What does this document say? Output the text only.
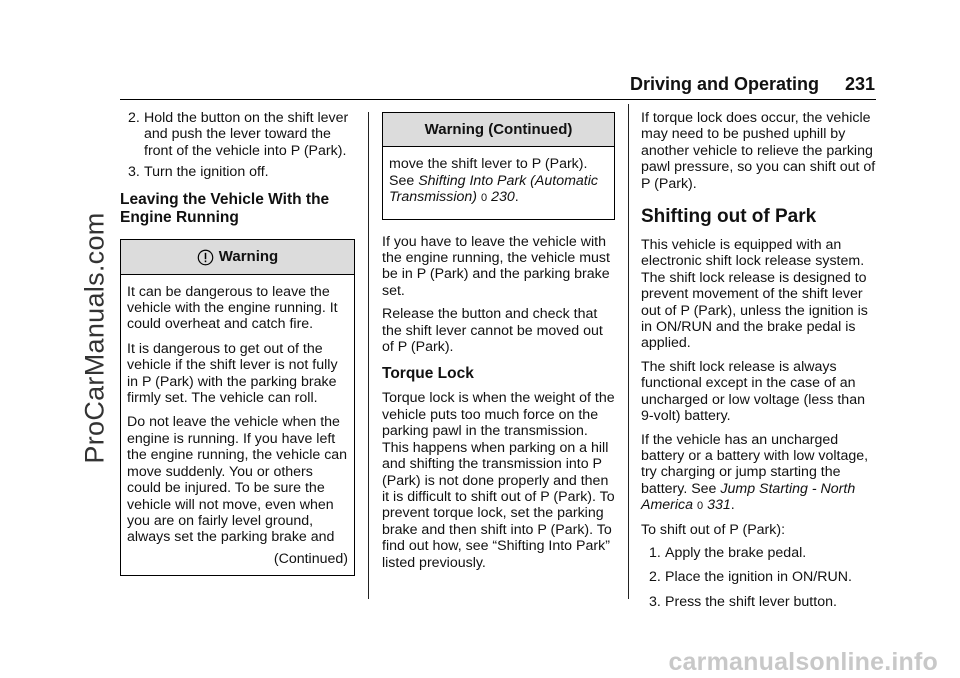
ProCarManuals.com
Driving and Operating 231
2. Hold the button on the shift lever and push the lever toward the front of the vehicle into P (Park).
3. Turn the ignition off.
Leaving the Vehicle With the Engine Running
Warning

It can be dangerous to leave the vehicle with the engine running. It could overheat and catch fire.

It is dangerous to get out of the vehicle if the shift lever is not fully in P (Park) with the parking brake firmly set. The vehicle can roll.

Do not leave the vehicle when the engine is running. If you have left the engine running, the vehicle can move suddenly. You or others could be injured. To be sure the vehicle will not move, even when you are on fairly level ground, always set the parking brake and

(Continued)
Warning (Continued)

move the shift lever to P (Park).
See Shifting Into Park (Automatic Transmission) 0 230.

If you have to leave the vehicle with the engine running, the vehicle must be in P (Park) and the parking brake set.

Release the button and check that the shift lever cannot be moved out of P (Park).

Torque Lock

Torque lock is when the weight of the vehicle puts too much force on the parking pawl in the transmission. This happens when parking on a hill and shifting the transmission into P (Park) is not done properly and then it is difficult to shift out of P (Park). To prevent torque lock, set the parking brake and then shift into P (Park). To find out how, see “Shifting Into Park” listed previously.

If torque lock does occur, the vehicle may need to be pushed uphill by another vehicle to relieve the parking pawl pressure, so you can shift out of P (Park).

Shifting out of Park

This vehicle is equipped with an electronic shift lock release system. The shift lock release is designed to prevent movement of the shift lever out of P (Park), unless the ignition is in ON/RUN and the brake pedal is applied.

The shift lock release is always functional except in the case of an uncharged or low voltage (less than 9-volt) battery.

If the vehicle has an uncharged battery or a battery with low voltage, try charging or jump starting the battery. See Jump Starting - North America 0 331.

To shift out of P (Park):

1. Apply the brake pedal.
2. Place the ignition in ON/RUN.
3. Press the shift lever button.
carmanualsonline.info
